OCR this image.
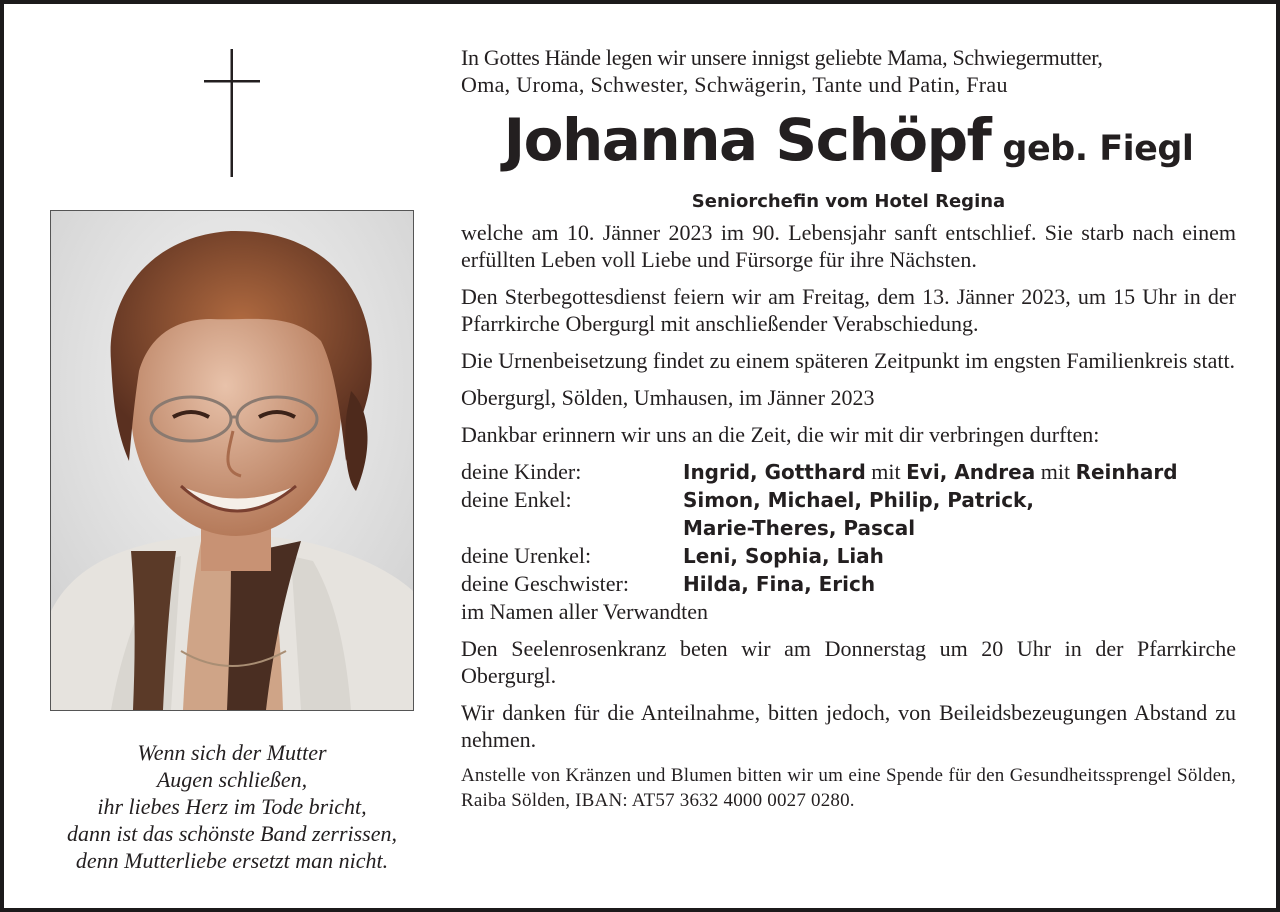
Wenn sich der Mutter
Augen schließen,
ihr liebes Herz im Tode bricht,
dann ist das schönste Band zerrissen,
denn Mutterliebe ersetzt man nicht.
In Gottes Hände legen wir unsere innigst geliebte Mama, Schwiegermutter,
Oma, Uroma, Schwester, Schwägerin, Tante und Patin, Frau
Johanna Schöpf geb. Fiegl
Seniorchefin vom Hotel Regina
welche am 10. Jänner 2023 im 90. Lebensjahr sanft entschlief. Sie starb nach einem erfüllten Leben voll Liebe und Fürsorge für ihre Nächsten.
Den Sterbegottesdienst feiern wir am Freitag, dem 13. Jänner 2023, um 15 Uhr in der Pfarrkirche Obergurgl mit anschließender Verabschiedung.
Die Urnenbeisetzung findet zu einem späteren Zeitpunkt im engsten Familienkreis statt.
Obergurgl, Sölden, Umhausen, im Jänner 2023
Dankbar erinnern wir uns an die Zeit, die wir mit dir verbringen durften:
deine Kinder:	Ingrid, Gotthard mit Evi, Andrea mit Reinhard
deine Enkel:	Simon, Michael, Philip, Patrick,
Marie-Theres, Pascal
deine Urenkel:	Leni, Sophia, Liah
deine Geschwister:	Hilda, Fina, Erich
im Namen aller Verwandten
Den Seelenrosenkranz beten wir am Donnerstag um 20 Uhr in der Pfarrkirche Obergurgl.
Wir danken für die Anteilnahme, bitten jedoch, von Beileidsbezeugungen Abstand zu nehmen.
Anstelle von Kränzen und Blumen bitten wir um eine Spende für den Gesundheitssprengel Sölden, Raiba Sölden, IBAN: AT57 3632 4000 0027 0280.
